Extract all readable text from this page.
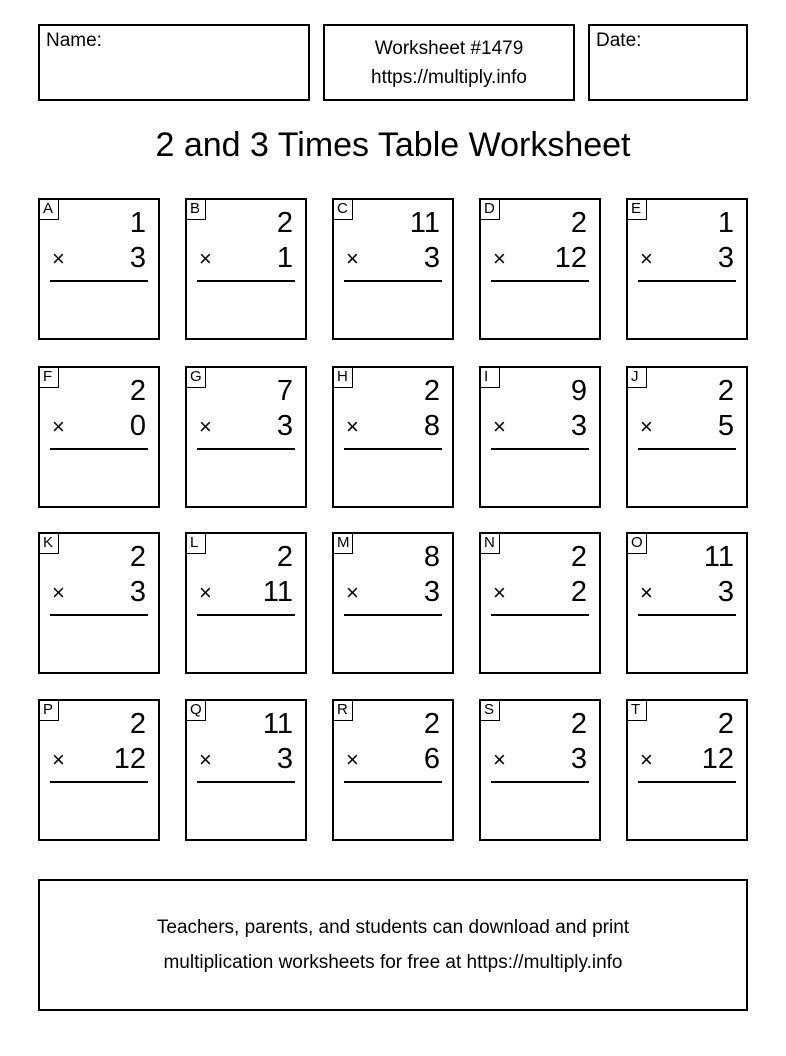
Name:	Worksheet #1479
https://multiply.info
Date:
2 and 3 Times Table Worksheet
A	1
× 3
B	2
× 1
C 11
× 3
D	2
× 12
E	1
× 3
F	2
× 0
G	7
× 3
H	2
× 8
I	9
× 3
J	2
× 5
K	2
× 3
L	2
× 11
M	8
× 3
N	2
× 2
O 11
× 3
P	2
× 12
Q 11
× 3
R	2
× 6
S	2
× 3
T	2
× 12
Teachers, parents, and students can download and print
multiplication worksheets for free at https://multiply.info
